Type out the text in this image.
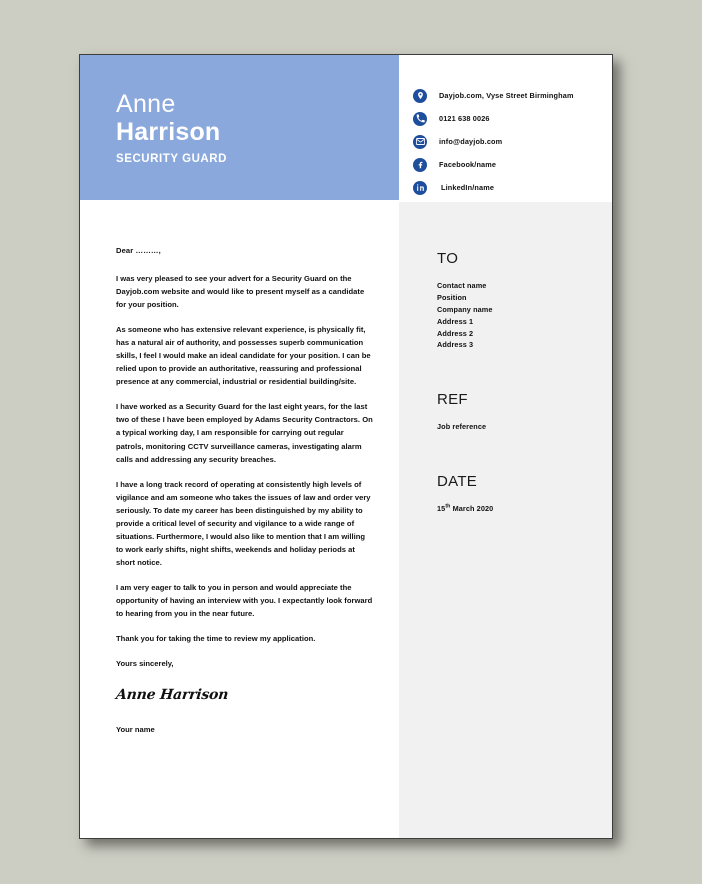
Anne
Harrison
SECURITY GUARD
Dayjob.com, Vyse Street Birmingham
0121 638 0026
info@dayjob.com
Facebook/name
LinkedIn/name

Dear ………,

I was very pleased to see your advert for a Security Guard on the Dayjob.com website and would like to present myself as a candidate for your position.

As someone who has extensive relevant experience, is physically fit, has a natural air of authority, and possesses superb communication skills, I feel I would make an ideal candidate for your position. I can be relied upon to provide an authoritative, reassuring and professional presence at any commercial, industrial or residential building/site.

I have worked as a Security Guard for the last eight years, for the last two of these I have been employed by Adams Security Contractors. On a typical working day, I am responsible for carrying out regular patrols, monitoring CCTV surveillance cameras, investigating alarm calls and addressing any security breaches.

I have a long track record of operating at consistently high levels of vigilance and am someone who takes the issues of law and order very seriously. To date my career has been distinguished by my ability to provide a critical level of security and vigilance to a wide range of situations. Furthermore, I would also like to mention that I am willing to work early shifts, night shifts, weekends and holiday periods at short notice.

I am very eager to talk to you in person and would appreciate the opportunity of having an interview with you. I expectantly look forward to hearing from you in the near future.

Thank you for taking the time to review my application.

Yours sincerely,

Anne Harrison

Your name

TO

Contact name

Position

Company name

Address 1

Address 2

Address 3

REF

Job reference

DATE

15th March 2020
